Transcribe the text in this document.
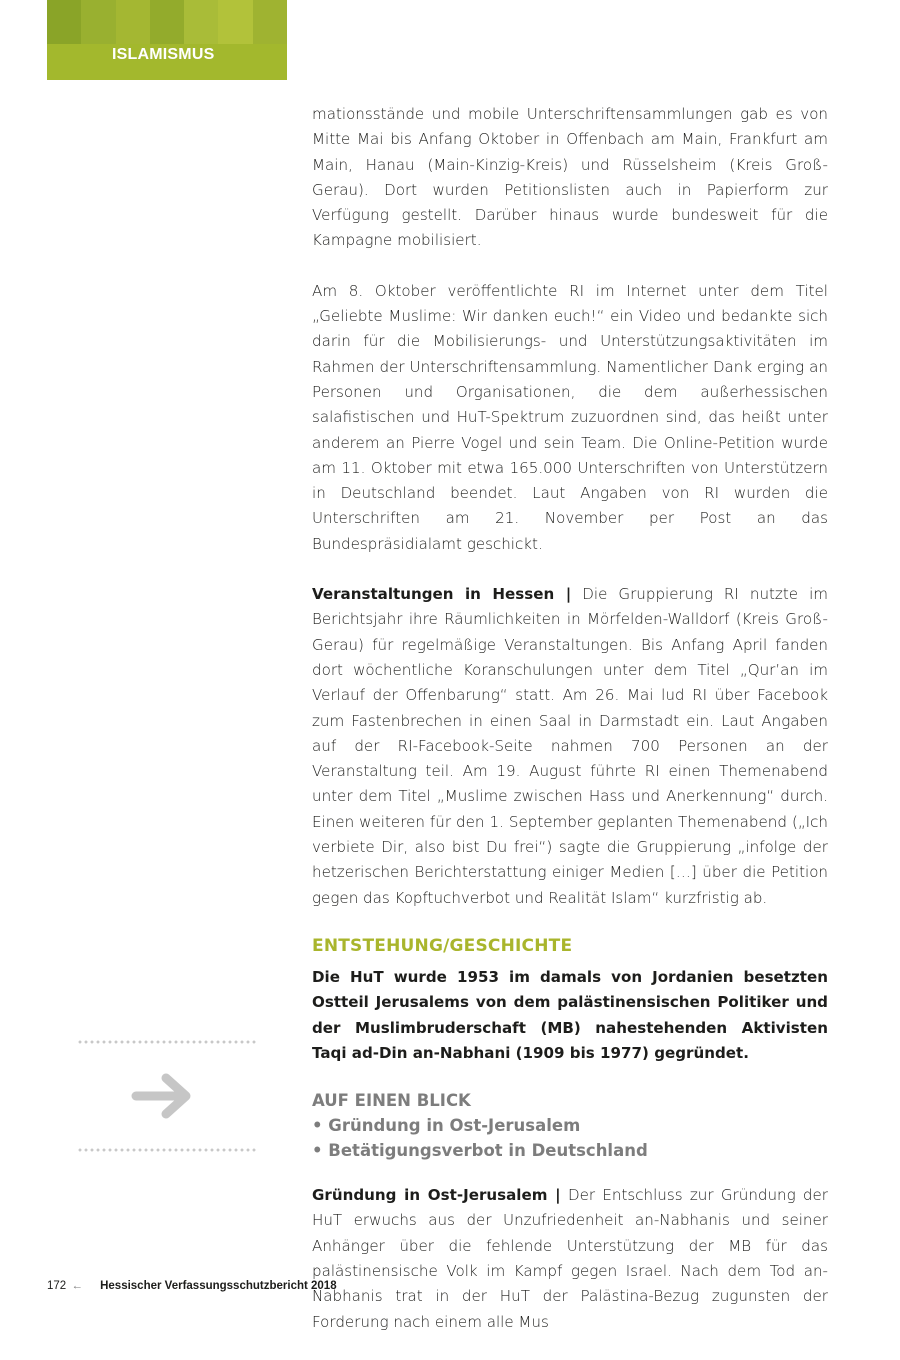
ISLAMISMUS

mationsstände und mobile Unterschriftensammlungen gab es von Mitte Mai bis Anfang Oktober in Offenbach am Main, Frankfurt am Main, Hanau (Main-Kinzig-Kreis) und Rüsselsheim (Kreis Groß-Gerau). Dort wurden Petitionslisten auch in Papierform zur Verfügung gestellt. Darüber hinaus wurde bundesweit für die Kampagne mobilisiert.

Am 8. Oktober veröffentlichte RI im Internet unter dem Titel „Geliebte Muslime: Wir danken euch!“ ein Video und bedankte sich darin für die Mobilisierungs- und Unterstützungsaktivitäten im Rahmen der Unterschriftensammlung. Namentlicher Dank erging an Personen und Organisationen, die dem außerhessischen salafistischen und HuT-Spektrum zuzuordnen sind, das heißt unter anderem an Pierre Vogel und sein Team. Die Online-Petition wurde am 11. Oktober mit etwa 165.000 Unterschriften von Unterstützern in Deutschland beendet. Laut Angaben von RI wurden die Unterschriften am 21. November per Post an das Bundespräsidialamt geschickt.

Veranstaltungen in Hessen | Die Gruppierung RI nutzte im Berichtsjahr ihre Räumlichkeiten in Mörfelden-Walldorf (Kreis Groß-Gerau) für regelmäßige Veranstaltungen. Bis Anfang April fanden dort wöchentliche Koranschulungen unter dem Titel „Qur’an im Verlauf der Offenbarung“ statt. Am 26. Mai lud RI über Facebook zum Fastenbrechen in einen Saal in Darmstadt ein. Laut Angaben auf der RI-Facebook-Seite nahmen 700 Personen an der Veranstaltung teil. Am 19. August führte RI einen Themenabend unter dem Titel „Muslime zwischen Hass und Anerkennung“ durch. Einen weiteren für den 1. September geplanten Themenabend („Ich verbiete Dir, also bist Du frei“) sagte die Gruppierung „infolge der hetzerischen Berichterstattung einiger Medien […] über die Petition gegen das Kopftuchverbot und Realität Islam“ kurzfristig ab.

ENTSTEHUNG/GESCHICHTE

Die HuT wurde 1953 im damals von Jordanien besetzten Ostteil Jerusalems von dem palästinensischen Politiker und der Muslimbruderschaft (MB) nahestehenden Aktivisten Taqi ad-Din an-Nabhani (1909 bis 1977) gegründet.

AUF EINEN BLICK
• Gründung in Ost-Jerusalem
• Betätigungsverbot in Deutschland

Gründung in Ost-Jerusalem | Der Entschluss zur Gründung der HuT erwuchs aus der Unzufriedenheit an-Nabhanis und seiner Anhänger über die fehlende Unterstützung der MB für das palästinensische Volk im Kampf gegen Israel. Nach dem Tod an-Nabhanis trat in der HuT der Palästina-Bezug zugunsten der Forderung nach einem alle Mus

172 ← Hessischer Verfassungsschutzbericht 2018
